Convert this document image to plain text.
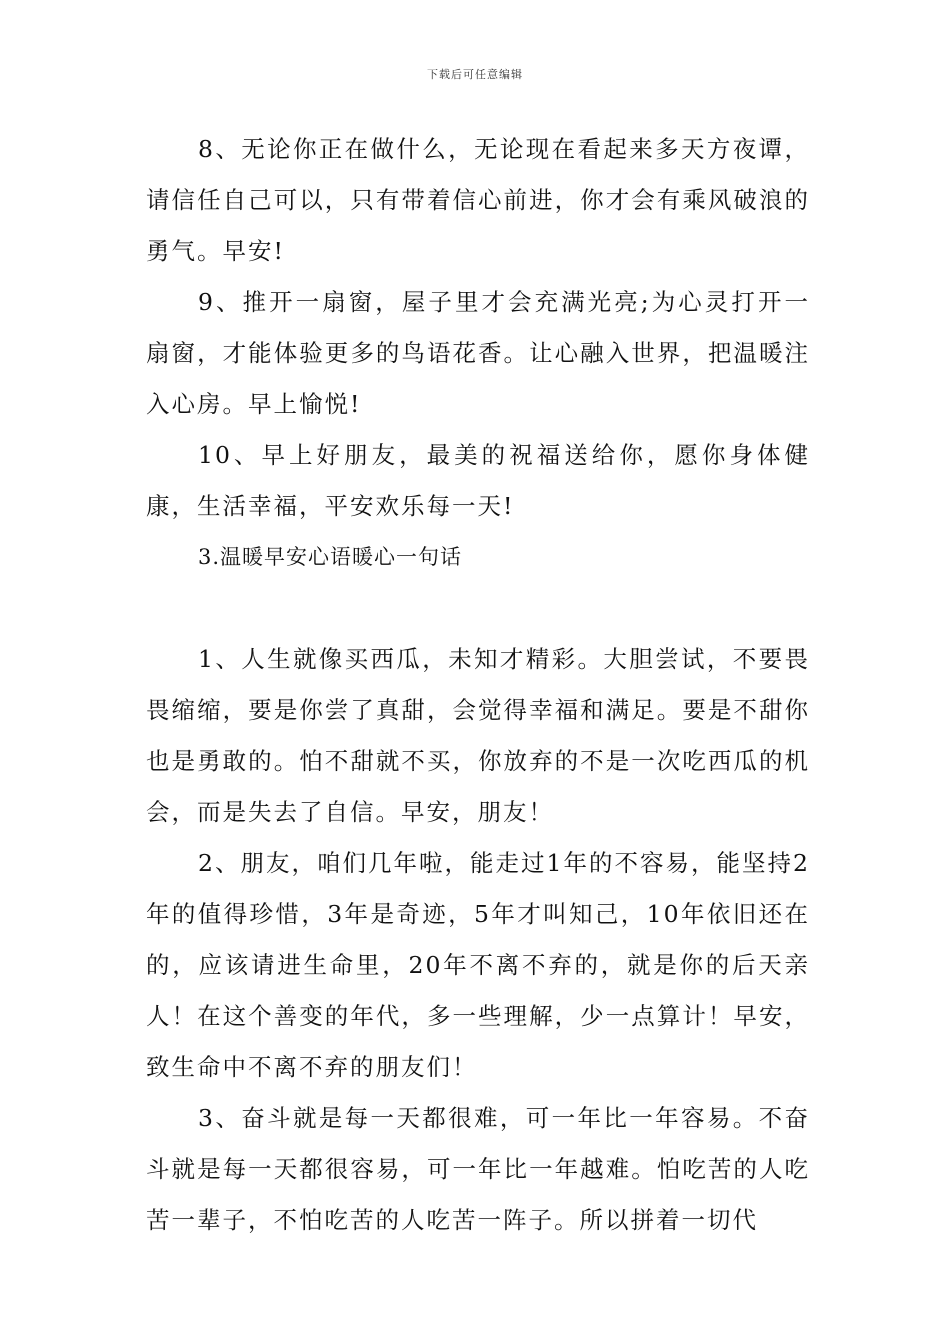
下载后可任意编辑

8、无论你正在做什么，无论现在看起来多天方夜谭，请信任自己可以，只有带着信心前进，你才会有乘风破浪的勇气。早安!

9、推开一扇窗，屋子里才会充满光亮;为心灵打开一扇窗，才能体验更多的鸟语花香。让心融入世界，把温暖注入心房。早上愉悦!

10、早上好朋友，最美的祝福送给你，愿你身体健康，生活幸福，平安欢乐每一天!

3.温暖早安心语暖心一句话

1、人生就像买西瓜，未知才精彩。大胆尝试，不要畏畏缩缩，要是你尝了真甜，会觉得幸福和满足。要是不甜你也是勇敢的。怕不甜就不买，你放弃的不是一次吃西瓜的机会，而是失去了自信。早安，朋友！

2、朋友，咱们几年啦，能走过1年的不容易，能坚持2年的值得珍惜，3年是奇迹，5年才叫知己，10年依旧还在的，应该请进生命里，20年不离不弃的，就是你的后天亲人！在这个善变的年代，多一些理解，少一点算计！早安，致生命中不离不弃的朋友们！

3、奋斗就是每一天都很难，可一年比一年容易。不奋斗就是每一天都很容易，可一年比一年越难。怕吃苦的人吃苦一辈子，不怕吃苦的人吃苦一阵子。所以拼着一切代
